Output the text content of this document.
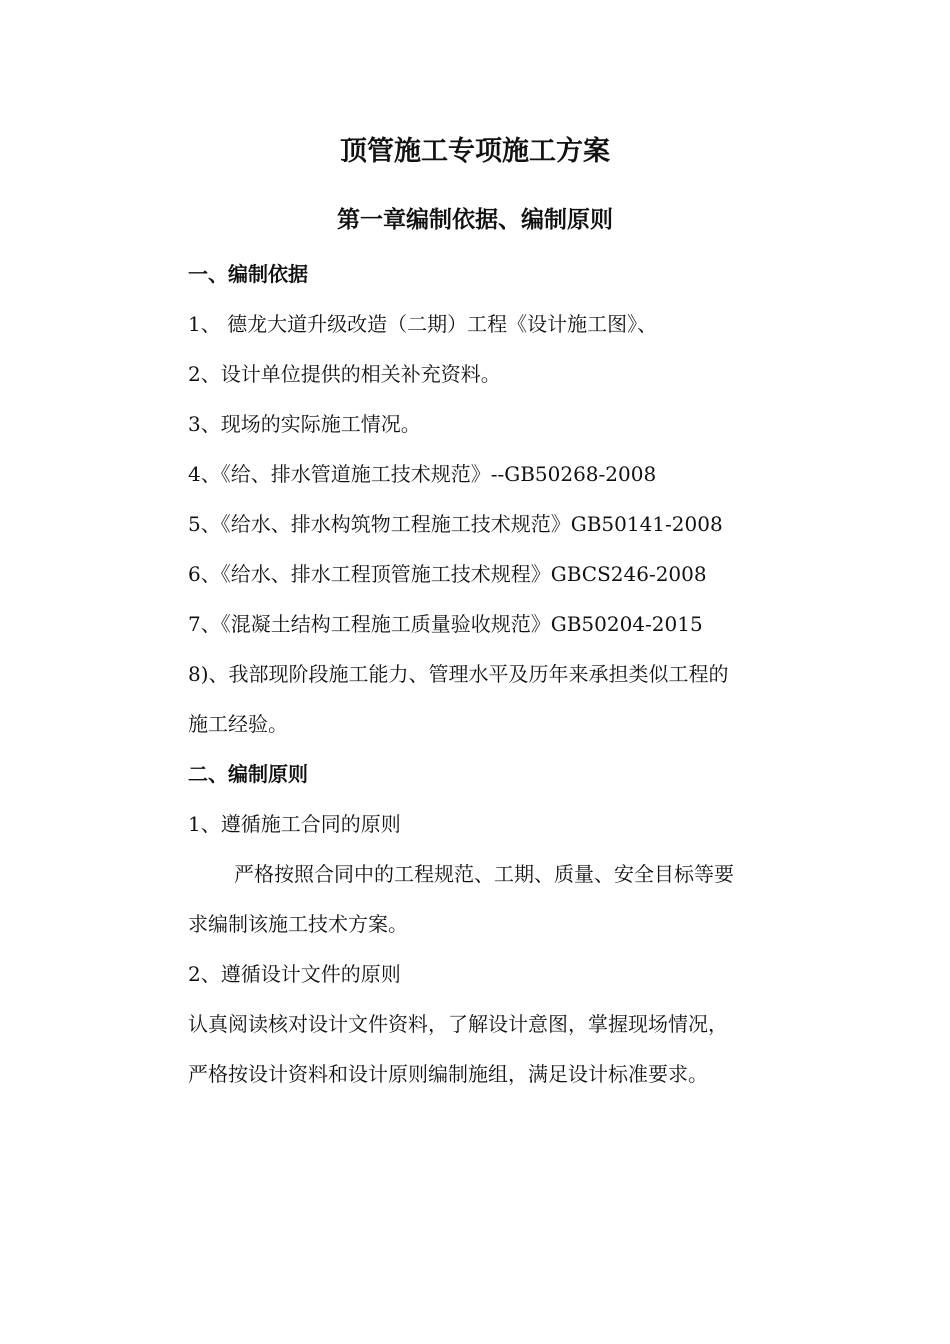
顶管施工专项施工方案
第一章编制依据、编制原则
一、编制依据
1、 德龙大道升级改造（二期）工程《设计施工图》、
2、设计单位提供的相关补充资料。
3、现场的实际施工情况。
4、《给、排水管道施工技术规范》--GB50268-2008
5、《给水、排水构筑物工程施工技术规范》GB50141-2008
6、《给水、排水工程顶管施工技术规程》GBCS246-2008
7、《混凝土结构工程施工质量验收规范》GB50204-2015
8)、我部现阶段施工能力、管理水平及历年来承担类似工程的
施工经验。
二、编制原则
1、遵循施工合同的原则
严格按照合同中的工程规范、工期、质量、安全目标等要
求编制该施工技术方案。
2、遵循设计文件的原则
认真阅读核对设计文件资料，了解设计意图，掌握现场情况，
严格按设计资料和设计原则编制施组，满足设计标准要求。
